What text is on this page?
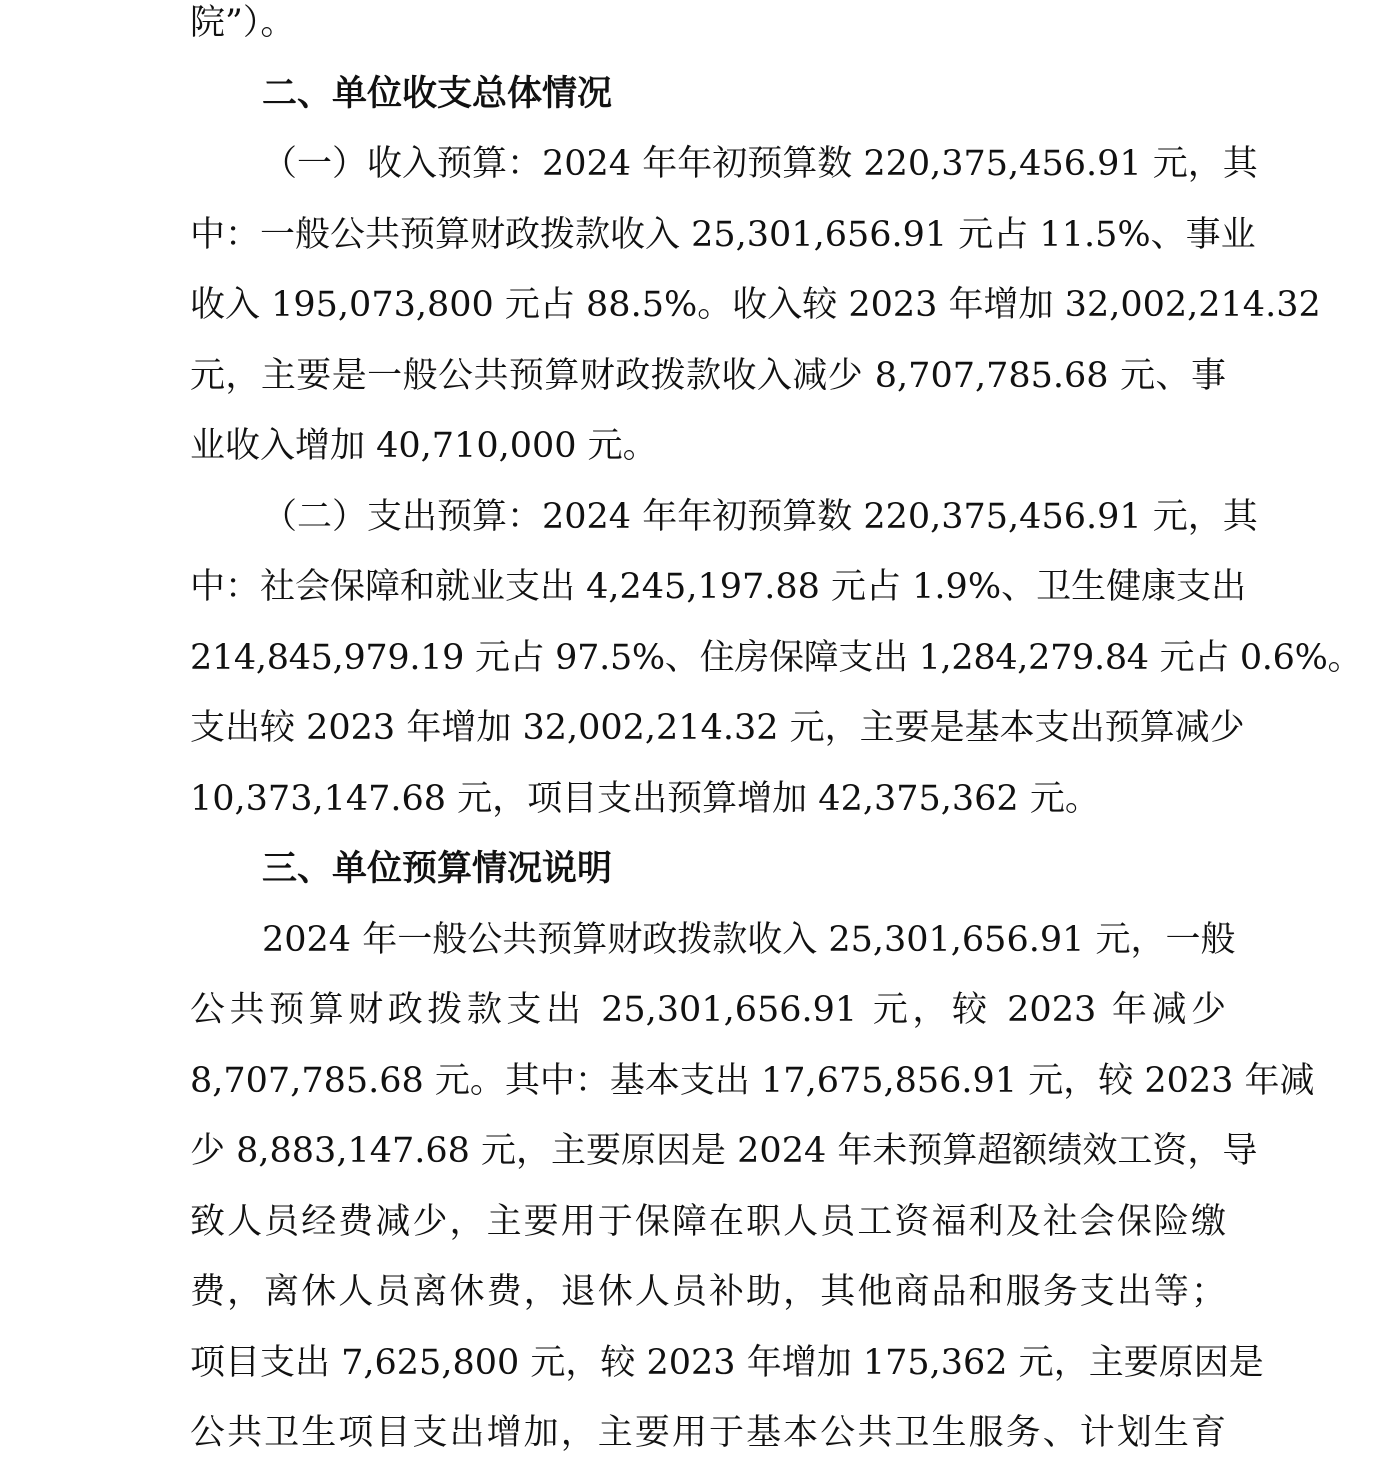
院”）。
二、单位收支总体情况
（一）收入预算：2024 年年初预算数 220,375,456.91 元，其
中：一般公共预算财政拨款收入 25,301,656.91 元占 11.5%、事业
收入 195,073,800 元占 88.5%。收入较 2023 年增加 32,002,214.32
元，主要是一般公共预算财政拨款收入减少 8,707,785.68 元、事
业收入增加 40,710,000 元。
（二）支出预算：2024 年年初预算数 220,375,456.91 元，其
中：社会保障和就业支出 4,245,197.88 元占 1.9%、卫生健康支出
214,845,979.19 元占 97.5%、住房保障支出 1,284,279.84 元占 0.6%。
支出较 2023 年增加 32,002,214.32 元，主要是基本支出预算减少
10,373,147.68 元，项目支出预算增加 42,375,362 元。
三、单位预算情况说明
2024 年一般公共预算财政拨款收入 25,301,656.91 元，一般
公共预算财政拨款支出 25,301,656.91 元，较 2023 年减少
8,707,785.68 元。其中：基本支出 17,675,856.91 元，较 2023 年减
少 8,883,147.68 元，主要原因是 2024 年未预算超额绩效工资，导
致人员经费减少，主要用于保障在职人员工资福利及社会保险缴
费，离休人员离休费，退休人员补助，其他商品和服务支出等；
项目支出 7,625,800 元，较 2023 年增加 175,362 元，主要原因是
公共卫生项目支出增加，主要用于基本公共卫生服务、计划生育
